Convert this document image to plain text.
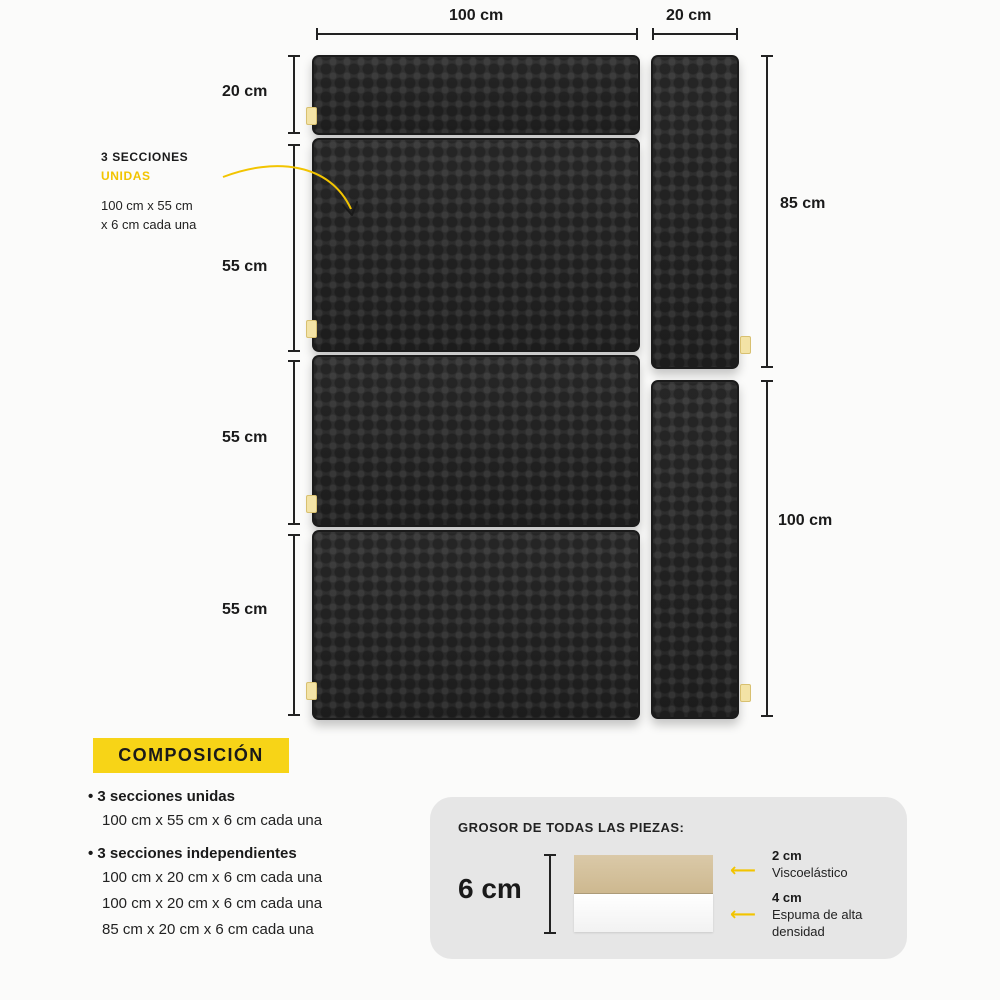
100 cm	20 cm
20 cm
55 cm
55 cm
55 cm
85 cm
100 cm
3 SECCIONES
UNIDAS
100 cm x 55 cm
x 6 cm cada una
COMPOSICIÓN
• 3 secciones unidas
100 cm x 55 cm x 6 cm cada una
• 3 secciones independientes
100 cm x 20 cm x 6 cm cada una
100 cm x 20 cm x 6 cm cada una
85 cm x 20 cm x 6 cm cada una
GROSOR DE TODAS LAS PIEZAS:
6 cm
⟵
2 cm
Viscoelástico
⟵
4 cm
Espuma de alta
densidad
